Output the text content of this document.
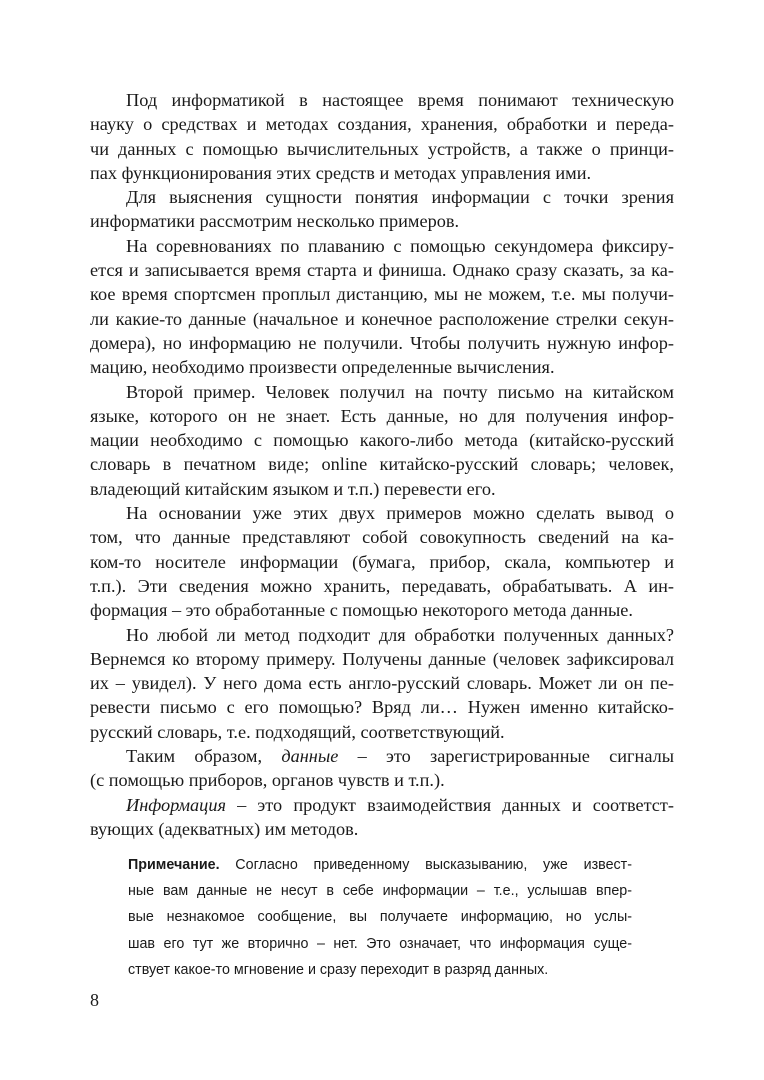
Под информатикой в настоящее время понимают техническую
науку о средствах и методах создания, хранения, обработки и переда-
чи данных с помощью вычислительных устройств, а также о принци-
пах функционирования этих средств и методах управления ими.
Для выяснения сущности понятия информации с точки зрения
информатики рассмотрим несколько примеров.
На соревнованиях по плаванию с помощью секундомера фиксиру-
ется и записывается время старта и финиша. Однако сразу сказать, за ка-
кое время спортсмен проплыл дистанцию, мы не можем, т.е. мы получи-
ли какие-то данные (начальное и конечное расположение стрелки секун-
домера), но информацию не получили. Чтобы получить нужную инфор-
мацию, необходимо произвести определенные вычисления.
Второй пример. Человек получил на почту письмо на китайском
языке, которого он не знает. Есть данные, но для получения инфор-
мации необходимо с помощью какого-либо метода (китайско-русский
словарь в печатном виде; online китайско-русский словарь; человек,
владеющий китайским языком и т.п.) перевести его.
На основании уже этих двух примеров можно сделать вывод о
том, что данные представляют собой совокупность сведений на ка-
ком-то носителе информации (бумага, прибор, скала, компьютер и
т.п.). Эти сведения можно хранить, передавать, обрабатывать. А ин-
формация – это обработанные с помощью некоторого метода данные.
Но любой ли метод подходит для обработки полученных данных?
Вернемся ко второму примеру. Получены данные (человек зафиксировал
их – увидел). У него дома есть англо-русский словарь. Может ли он пе-
ревести письмо с его помощью? Вряд ли… Нужен именно китайско-
русский словарь, т.е. подходящий, соответствующий.
Таким образом, данные – это зарегистрированные сигналы
(с помощью приборов, органов чувств и т.п.).
Информация – это продукт взаимодействия данных и соответст-
вующих (адекватных) им методов.
Примечание. Согласно приведенному высказыванию, уже извест-
ные вам данные не несут в себе информации – т.е., услышав впер-
вые незнакомое сообщение, вы получаете информацию, но услы-
шав его тут же вторично – нет. Это означает, что информация суще-
ствует какое-то мгновение и сразу переходит в разряд данных.
8
